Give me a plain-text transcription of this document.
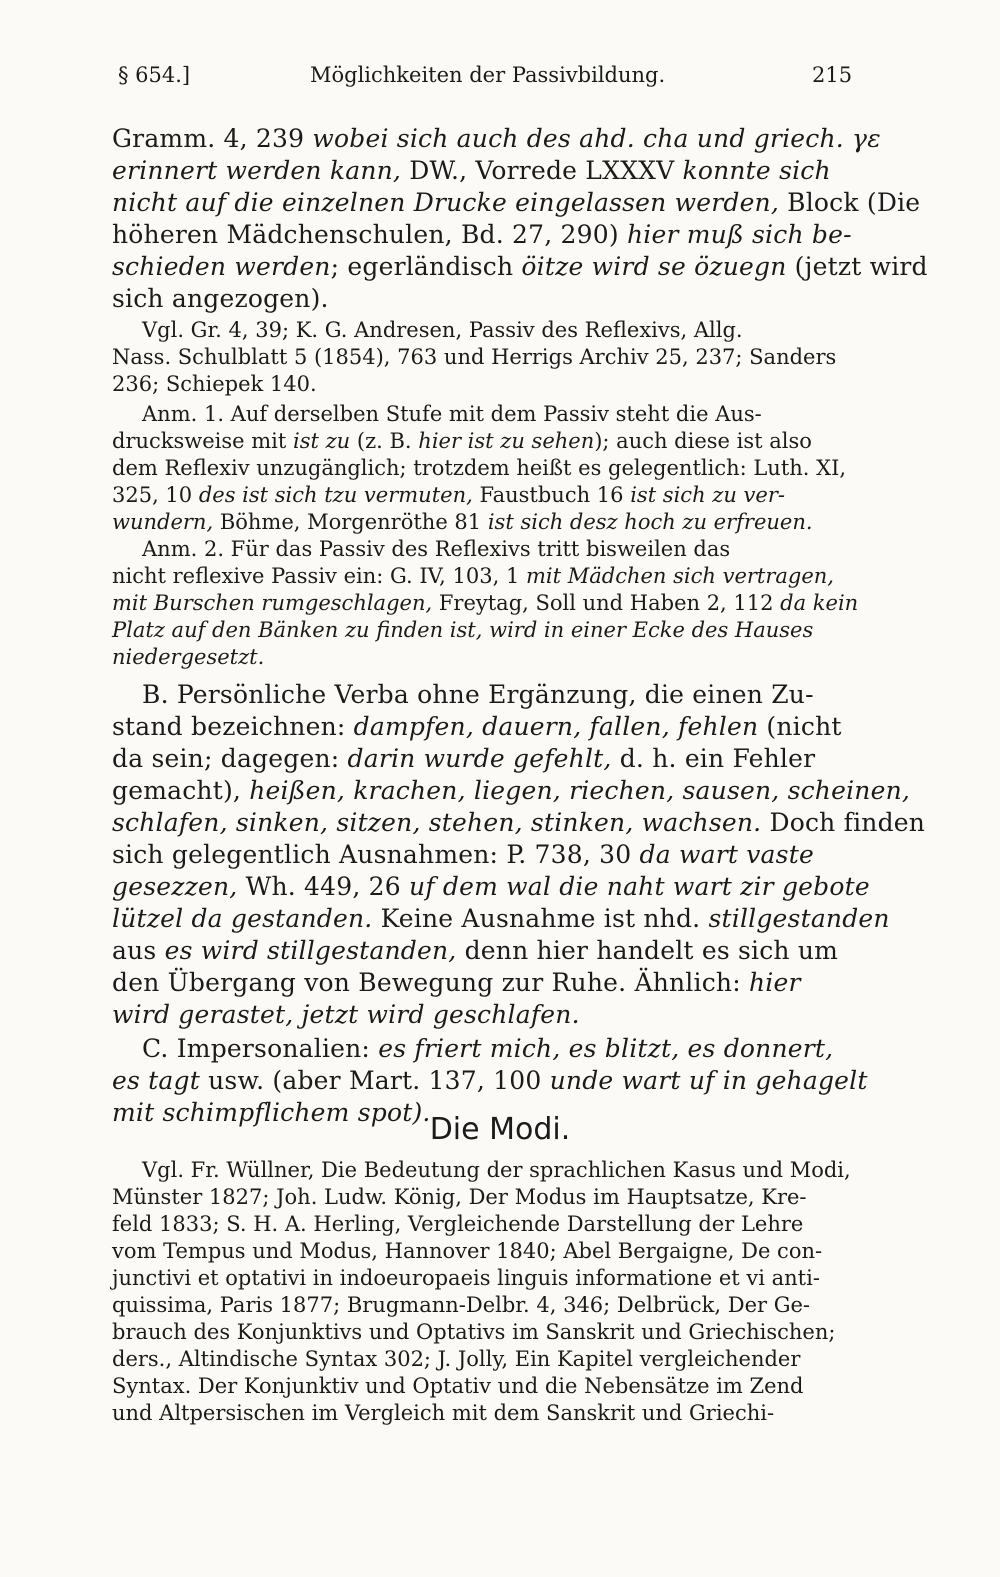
§ 654.]	Möglichkeiten der Passivbildung.	215
Gramm. 4, 239 wobei sich auch des ahd. cha und griech. γε
erinnert werden kann, DW., Vorrede LXXXV konnte sich
nicht auf die einzelnen Drucke eingelassen werden, Block (Die
höheren Mädchenschulen, Bd. 27, 290) hier muß sich be-
schieden werden; egerländisch öitze wird se özuegn (jetzt wird
sich angezogen).
Vgl. Gr. 4, 39; K. G. Andresen, Passiv des Reflexivs, Allg.
Nass. Schulblatt 5 (1854), 763 und Herrigs Archiv 25, 237; Sanders
236; Schiepek 140.
Anm. 1. Auf derselben Stufe mit dem Passiv steht die Aus-
drucksweise mit ist zu (z. B. hier ist zu sehen); auch diese ist also
dem Reflexiv unzugänglich; trotzdem heißt es gelegentlich: Luth. XI,
325, 10 des ist sich tzu vermuten, Faustbuch 16 ist sich zu ver-
wundern, Böhme, Morgenröthe 81 ist sich desz hoch zu erfreuen.
Anm. 2. Für das Passiv des Reflexivs tritt bisweilen das
nicht reflexive Passiv ein: G. IV, 103, 1 mit Mädchen sich vertragen,
mit Burschen rumgeschlagen, Freytag, Soll und Haben 2, 112 da kein
Platz auf den Bänken zu finden ist, wird in einer Ecke des Hauses
niedergesetzt.
B. Persönliche Verba ohne Ergänzung, die einen Zu-
stand bezeichnen: dampfen, dauern, fallen, fehlen (nicht
da sein; dagegen: darin wurde gefehlt, d. h. ein Fehler
gemacht), heißen, krachen, liegen, riechen, sausen, scheinen,
schlafen, sinken, sitzen, stehen, stinken, wachsen. Doch finden
sich gelegentlich Ausnahmen: P. 738, 30 da wart vaste
gesezzen, Wh. 449, 26 uf dem wal die naht wart zir gebote
lützel da gestanden. Keine Ausnahme ist nhd. stillgestanden
aus es wird stillgestanden, denn hier handelt es sich um
den Übergang von Bewegung zur Ruhe. Ähnlich: hier
wird gerastet, jetzt wird geschlafen.
C. Impersonalien: es friert mich, es blitzt, es donnert,
es tagt usw. (aber Mart. 137, 100 unde wart uf in gehagelt
mit schimpflichem spot). Die Modi.
Vgl. Fr. Wüllner, Die Bedeutung der sprachlichen Kasus und Modi,
Münster 1827; Joh. Ludw. König, Der Modus im Hauptsatze, Kre-
feld 1833; S. H. A. Herling, Vergleichende Darstellung der Lehre
vom Tempus und Modus, Hannover 1840; Abel Bergaigne, De con-
junctivi et optativi in indoeuropaeis linguis informatione et vi anti-
quissima, Paris 1877; Brugmann-Delbr. 4, 346; Delbrück, Der Ge-
brauch des Konjunktivs und Optativs im Sanskrit und Griechischen;
ders., Altindische Syntax 302; J. Jolly, Ein Kapitel vergleichender
Syntax. Der Konjunktiv und Optativ und die Nebensätze im Zend
und Altpersischen im Vergleich mit dem Sanskrit und Griechi-
